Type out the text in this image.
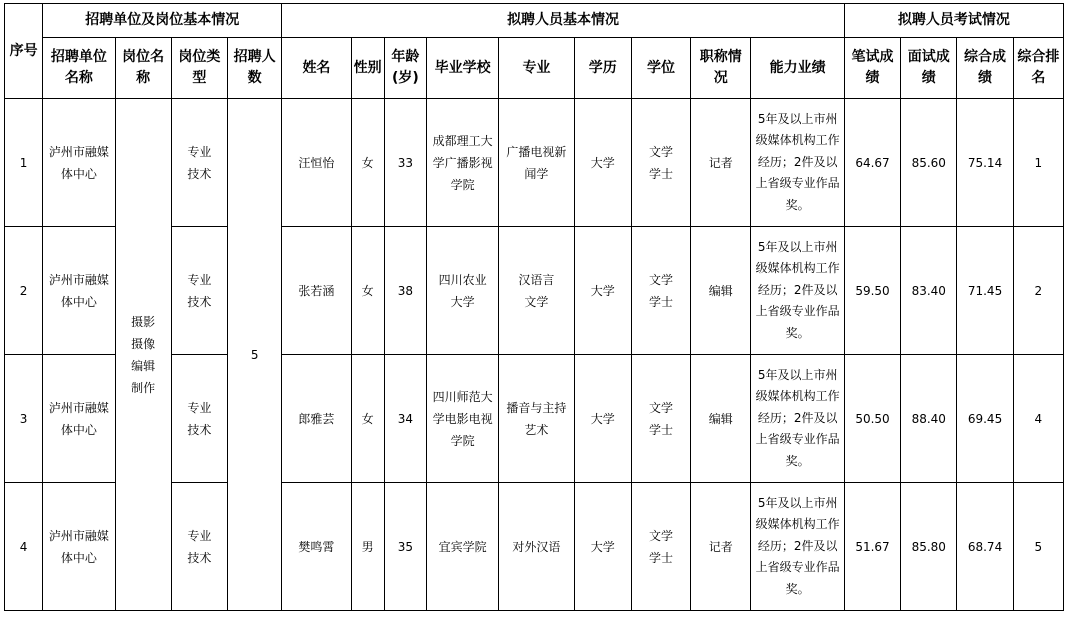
序号	招聘单位及岗位基本情况				拟聘人员基本情况									拟聘人员考试情况			
	招聘单位名称	岗位名称	岗位类型	招聘人数	姓名	性别	年龄(岁)	毕业学校	专业	学历	学位	职称情况	能力业绩	笔试成绩	面试成绩	综合成绩	综合排名
1	泸州市融媒体中心	摄影摄像编辑制作	专业技术	5	汪恒怡	女	33	成都理工大学广播影视学院	广播电视新闻学	大学	文学学士	记者	5年及以上市州级媒体机构工作经历；2件及以上省级专业作品奖。	64.67	85.60	75.14	1
2	泸州市融媒体中心		专业技术		张若涵	女	38	四川农业大学	汉语言文学	大学	文学学士	编辑	5年及以上市州级媒体机构工作经历；2件及以上省级专业作品奖。	59.50	83.40	71.45	2
3	泸州市融媒体中心		专业技术		郎雅芸	女	34	四川师范大学电影电视学院	播音与主持艺术	大学	文学学士	编辑	5年及以上市州级媒体机构工作经历；2件及以上省级专业作品奖。	50.50	88.40	69.45	4
4	泸州市融媒体中心		专业技术		樊鸣霄	男	35	宜宾学院	对外汉语	大学	文学学士	记者	5年及以上市州级媒体机构工作经历；2件及以上省级专业作品奖。	51.67	85.80	68.74	5
